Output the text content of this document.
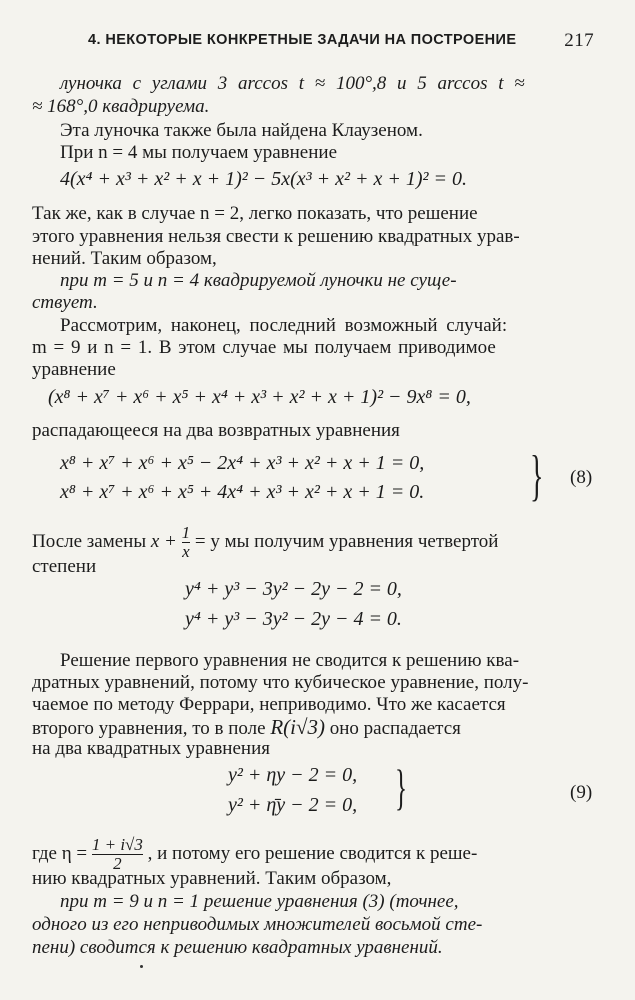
4. НЕКОТОРЫЕ КОНКРЕТНЫЕ ЗАДАЧИ НА ПОСТРОЕНИЕ	217
луночка с углами 3 arccos t ≈ 100°,8 и 5 arccos t ≈
≈ 168°,0 квадрируема.
Эта луночка также была найдена Клаузеном.
При n = 4 мы получаем уравнение
4(x⁴ + x³ + x² + x + 1)² − 5x(x³ + x² + x + 1)² = 0.
Так же, как в случае n = 2, легко показать, что решение
этого уравнения нельзя свести к решению квадратных урав-
нений. Таким образом,
при m = 5 и n = 4 квадрируемой луночки не суще-
ствует.
Рассмотрим, наконец, последний возможный случай:
m = 9 и n = 1. В этом случае мы получаем приводимое
уравнение
(x⁸ + x⁷ + x⁶ + x⁵ + x⁴ + x³ + x² + x + 1)² − 9x⁸ = 0,
распадающееся на два возвратных уравнения
x⁸ + x⁷ + x⁶ + x⁵ − 2x⁴ + x³ + x² + x + 1 = 0,
x⁸ + x⁷ + x⁶ + x⁵ + 4x⁴ + x³ + x² + x + 1 = 0. } (8)
После замены $x + \frac{1}{x} = y$ мы получим уравнения четвертой
степени
y⁴ + y³ − 3y² − 2y − 2 = 0,
y⁴ + y³ − 3y² − 2y − 4 = 0.
Решение первого уравнения не сводится к решению ква-
дратных уравнений, потому что кубическое уравнение, полу-
чаемое по методу Феррари, неприводимо. Что же касается
второго уравнения, то в поле R(i√3) оно распадается
на два квадратных уравнения
y² + ηy − 2 = 0,
y² + η̄y − 2 = 0, }	(9)
где $\eta = \frac{1 + i√3}{2}$ , и потому его решение сводится к реше-
нию квадратных уравнений. Таким образом,
при m = 9 и n = 1 решение уравнения (3) (точнее,
одного из его неприводимых множителей восьмой сте-
пени) сводится к решению квадратных уравнений.
